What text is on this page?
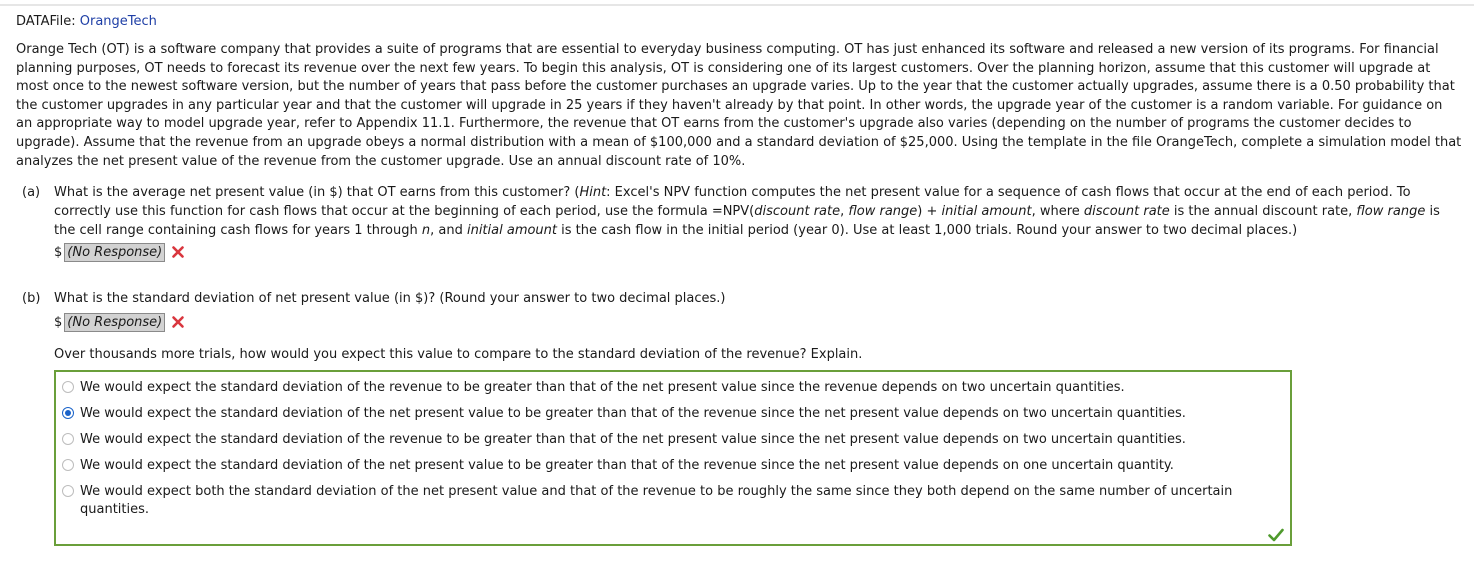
DATAFile: OrangeTech
Orange Tech (OT) is a software company that provides a suite of programs that are essential to everyday business computing. OT has just enhanced its software and released a new version of its programs. For financial planning purposes, OT needs to forecast its revenue over the next few years. To begin this analysis, OT is considering one of its largest customers. Over the planning horizon, assume that this customer will upgrade at most once to the newest software version, but the number of years that pass before the customer purchases an upgrade varies. Up to the year that the customer actually upgrades, assume there is a 0.50 probability that the customer upgrades in any particular year and that the customer will upgrade in 25 years if they haven't already by that point. In other words, the upgrade year of the customer is a random variable. For guidance on an appropriate way to model upgrade year, refer to Appendix 11.1. Furthermore, the revenue that OT earns from the customer's upgrade also varies (depending on the number of programs the customer decides to upgrade). Assume that the revenue from an upgrade obeys a normal distribution with a mean of $100,000 and a standard deviation of $25,000. Using the template in the file OrangeTech, complete a simulation model that analyzes the net present value of the revenue from the customer upgrade. Use an annual discount rate of 10%.
(a) What is the average net present value (in $) that OT earns from this customer? (Hint: Excel's NPV function computes the net present value for a sequence of cash flows that occur at the end of each period. To correctly use this function for cash flows that occur at the beginning of each period, use the formula =NPV(discount rate, flow range) + initial amount, where discount rate is the annual discount rate, flow range is the cell range containing cash flows for years 1 through n, and initial amount is the cash flow in the initial period (year 0). Use at least 1,000 trials. Round your answer to two decimal places.)
$ (No Response)
(b) What is the standard deviation of net present value (in $)? (Round your answer to two decimal places.)
$ (No Response)
Over thousands more trials, how would you expect this value to compare to the standard deviation of the revenue? Explain.
We would expect the standard deviation of the revenue to be greater than that of the net present value since the revenue depends on two uncertain quantities.
We would expect the standard deviation of the net present value to be greater than that of the revenue since the net present value depends on two uncertain quantities.
We would expect the standard deviation of the revenue to be greater than that of the net present value since the net present value depends on two uncertain quantities.
We would expect the standard deviation of the net present value to be greater than that of the revenue since the net present value depends on one uncertain quantity.
We would expect both the standard deviation of the net present value and that of the revenue to be roughly the same since they both depend on the same number of uncertain quantities.
